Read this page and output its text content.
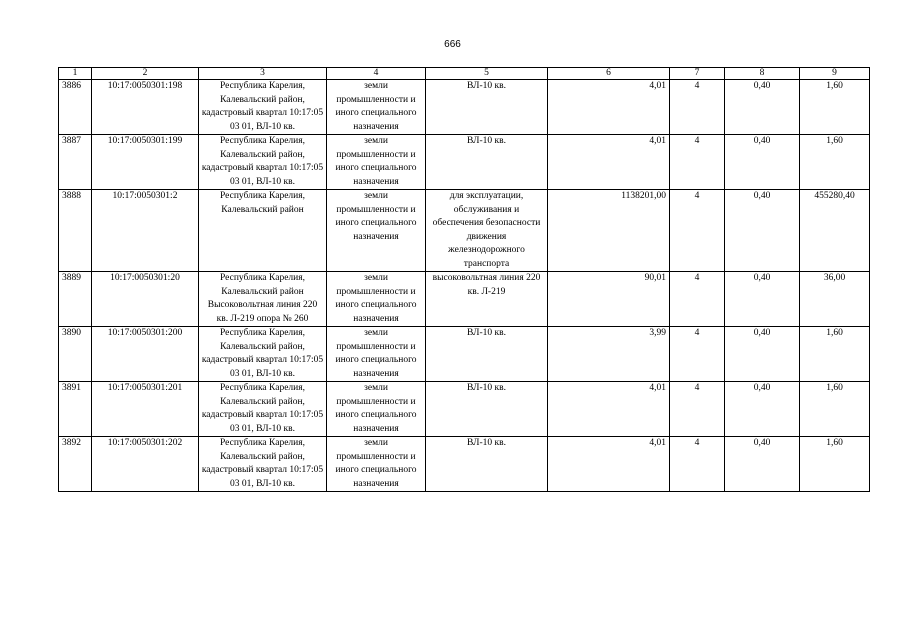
666
1	2	3	4	5	6	7	8	9
3886	10:17:0050301:198	Республика Карелия, Калевальский район, кадастровый квартал 10:17:05 03 01, ВЛ-10 кв.	земли промышленности и иного специального назначения	ВЛ-10 кв.	4,01	4	0,40	1,60
3887	10:17:0050301:199	Республика Карелия, Калевальский район, кадастровый квартал 10:17:05 03 01, ВЛ-10 кв.	земли промышленности и иного специального назначения	ВЛ-10 кв.	4,01	4	0,40	1,60
3888	10:17:0050301:2	Республика Карелия, Калевальский район	земли промышленности и иного специального назначения	для эксплуатации, обслуживания и обеспечения безопасности движения железнодорожного транспорта	1138201,00	4	0,40	455280,40
3889	10:17:0050301:20	Республика Карелия, Калевальский район Высоковольтная линия 220 кв. Л-219 опора № 260	земли промышленности и иного специального назначения	высоковольтная линия 220 кв. Л-219	90,01	4	0,40	36,00
3890	10:17:0050301:200	Республика Карелия, Калевальский район, кадастровый квартал 10:17:05 03 01, ВЛ-10 кв.	земли промышленности и иного специального назначения	ВЛ-10 кв.	3,99	4	0,40	1,60
3891	10:17:0050301:201	Республика Карелия, Калевальский район, кадастровый квартал 10:17:05 03 01, ВЛ-10 кв.	земли промышленности и иного специального назначения	ВЛ-10 кв.	4,01	4	0,40	1,60
3892	10:17:0050301:202	Республика Карелия, Калевальский район, кадастровый квартал 10:17:05 03 01, ВЛ-10 кв.	земли промышленности и иного специального назначения	ВЛ-10 кв.	4,01	4	0,40	1,60
